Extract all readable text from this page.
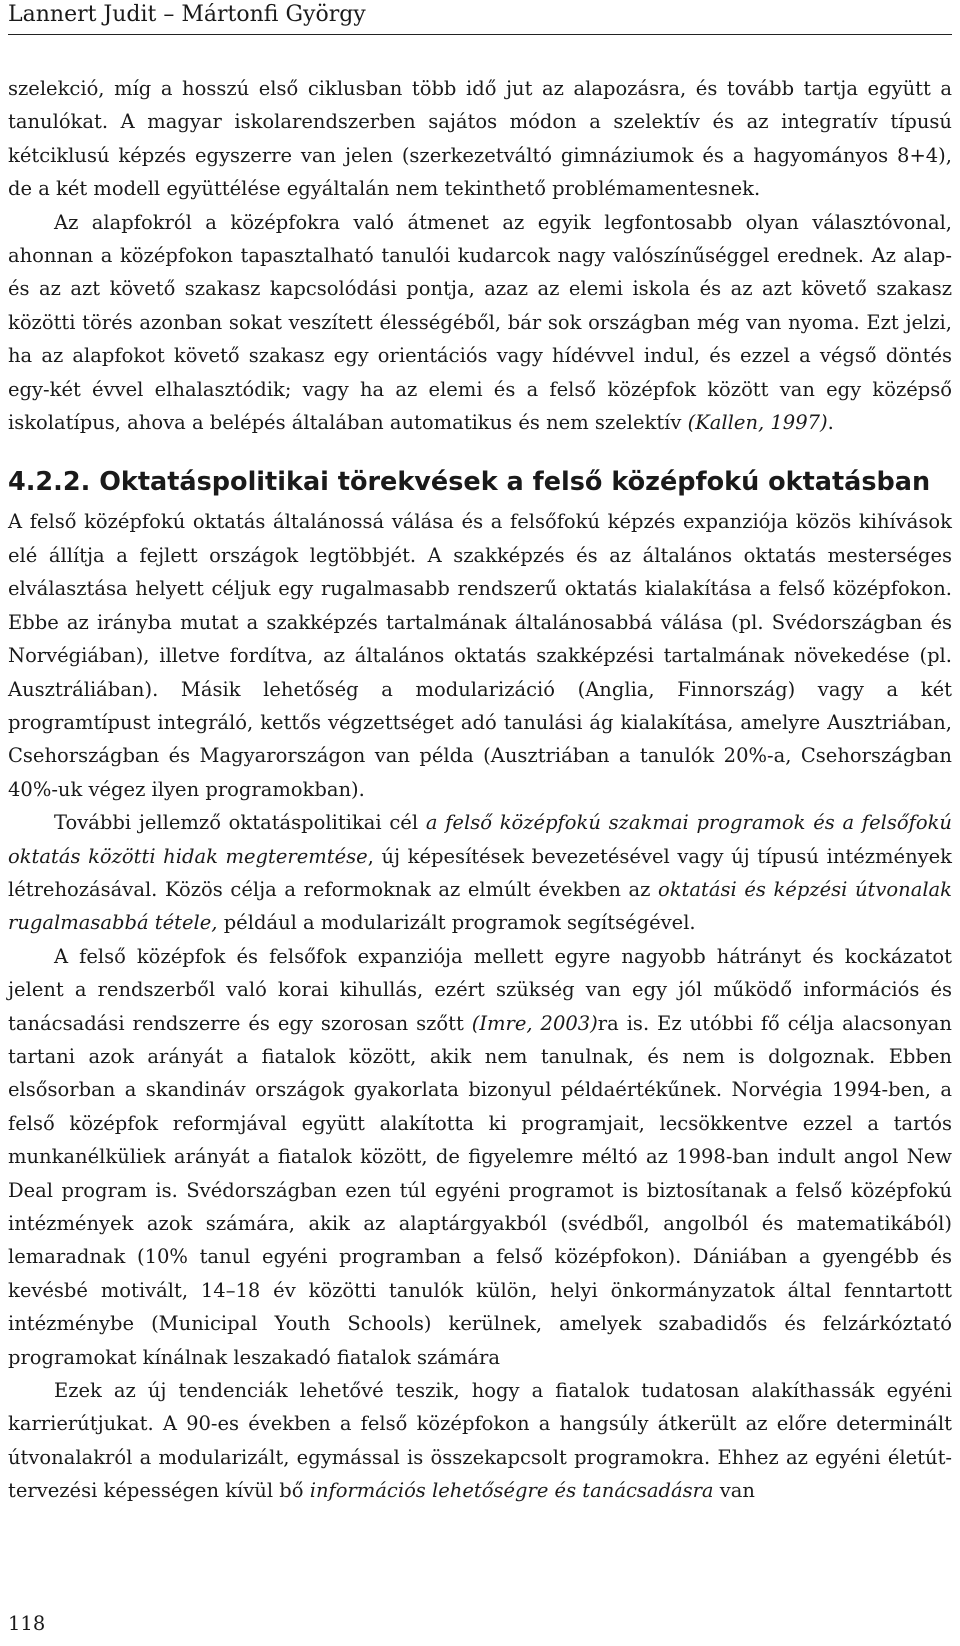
Lannert Judit – Mártonfi György

szelekció, míg a hosszú első ciklusban több idő jut az alapozásra, és tovább tartja együtt a tanulókat. A magyar iskolarendszerben sajátos módon a szelektív és az integratív típusú kétciklusú képzés egyszerre van jelen (szerkezetváltó gimnáziumok és a hagyományos 8+4), de a két modell együttélése egyáltalán nem tekinthető problémamentesnek.

Az alapfokról a középfokra való átmenet az egyik legfontosabb olyan választóvonal, ahonnan a középfokon tapasztalható tanulói kudarcok nagy valószínűséggel erednek. Az alap- és az azt követő szakasz kapcsolódási pontja, azaz az elemi iskola és az azt követő szakasz közötti törés azonban sokat veszített élességéből, bár sok országban még van nyoma. Ezt jelzi, ha az alapfokot követő szakasz egy orientációs vagy hídévvel indul, és ezzel a végső döntés egy-két évvel elhalasztódik; vagy ha az elemi és a felső középfok között van egy középső iskolatípus, ahova a belépés általában automatikus és nem szelektív (Kallen, 1997).

4.2.2. Oktatáspolitikai törekvések a felső középfokú oktatásban

A felső középfokú oktatás általánossá válása és a felsőfokú képzés expanziója közös kihívások elé állítja a fejlett országok legtöbbjét. A szakképzés és az általános oktatás mesterséges elválasztása helyett céljuk egy rugalmasabb rendszerű oktatás kialakítása a felső középfokon. Ebbe az irányba mutat a szakképzés tartalmának általánosabbá válása (pl. Svédországban és Norvégiában), illetve fordítva, az általános oktatás szakképzési tartalmának növekedése (pl. Ausztráliában). Másik lehetőség a modularizáció (Anglia, Finnország) vagy a két programtípust integráló, kettős végzettséget adó tanulási ág kialakítása, amelyre Ausztriában, Csehországban és Magyarországon van példa (Ausztriában a tanulók 20%-a, Csehországban 40%-uk végez ilyen programokban).

További jellemző oktatáspolitikai cél a felső középfokú szakmai programok és a felsőfokú oktatás közötti hidak megteremtése, új képesítések bevezetésével vagy új típusú intézmények létrehozásával. Közös célja a reformoknak az elmúlt években az oktatási és képzési útvonalak rugalmasabbá tétele, például a modularizált programok segítségével.

A felső középfok és felsőfok expanziója mellett egyre nagyobb hátrányt és kockázatot jelent a rendszerből való korai kihullás, ezért szükség van egy jól működő információs és tanácsadási rendszerre és egy szorosan szőtt (Imre, 2003)ra is. Ez utóbbi fő célja alacsonyan tartani azok arányát a fiatalok között, akik nem tanulnak, és nem is dolgoznak. Ebben elsősorban a skandináv országok gyakorlata bizonyul példaértékűnek. Norvégia 1994-ben, a felső középfok reformjával együtt alakította ki programjait, lecsökkentve ezzel a tartós munkanélküliek arányát a fiatalok között, de figyelemre méltó az 1998-ban indult angol New Deal program is. Svédországban ezen túl egyéni programot is biztosítanak a felső középfokú intézmények azok számára, akik az alaptárgyakból (svédből, angolból és matematikából) lemaradnak (10% tanul egyéni programban a felső középfokon). Dániában a gyengébb és kevésbé motivált, 14–18 év közötti tanulók külön, helyi önkormányzatok által fenntartott intézménybe (Municipal Youth Schools) kerülnek, amelyek szabadidős és felzárkóztató programokat kínálnak leszakadó fiatalok számára

Ezek az új tendenciák lehetővé teszik, hogy a fiatalok tudatosan alakíthassák egyéni karrierútjukat. A 90-es években a felső középfokon a hangsúly átkerült az előre determinált útvonalakról a modularizált, egymással is összekapcsolt programokra. Ehhez az egyéni életút-tervezési képességen kívül bő információs lehetőségre és tanácsadásra van

118
